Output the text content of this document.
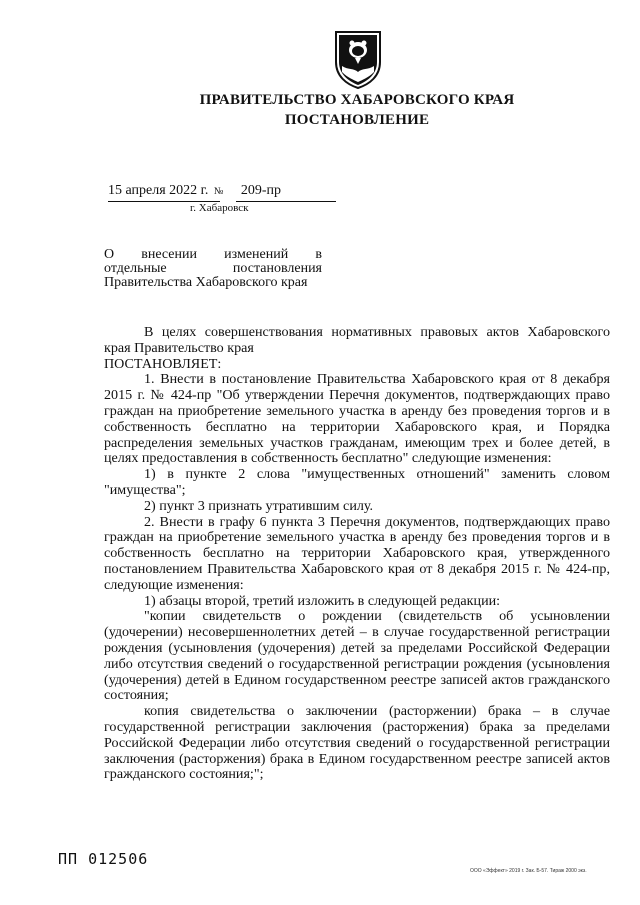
ПРАВИТЕЛЬСТВО ХАБАРОВСКОГО КРАЯ
ПОСТАНОВЛЕНИЕ
15 апреля 2022 г. № 209-пр
г. Хабаровск
О внесении изменений в
отдельные постановления
Правительства Хабаровского края

В целях совершенствования нормативных правовых актов Хабаровского края Правительство края

ПОСТАНОВЛЯЕТ:

1. Внести в постановление Правительства Хабаровского края от 8 декабря 2015 г. № 424-пр "Об утверждении Перечня документов, подтверждающих право граждан на приобретение земельного участка в аренду без проведения торгов и в собственность бесплатно на территории Хабаровского края, и Порядка распределения земельных участков гражданам, имеющим трех и более детей, в целях предоставления в собственность бесплатно" следующие изменения:

1) в пункте 2 слова "имущественных отношений" заменить словом "имущества";

2) пункт 3 признать утратившим силу.

2. Внести в графу 6 пункта 3 Перечня документов, подтверждающих право граждан на приобретение земельного участка в аренду без проведения торгов и в собственность бесплатно на территории Хабаровского края, утвержденного постановлением Правительства Хабаровского края от 8 декабря 2015 г. № 424-пр, следующие изменения:

1) абзацы второй, третий изложить в следующей редакции:

"копии свидетельств о рождении (свидетельств об усыновлении (удочерении) несовершеннолетних детей – в случае государственной регистрации рождения (усыновления (удочерения) детей за пределами Российской Федерации либо отсутствия сведений о государственной регистрации рождения (усыновления (удочерения) детей в Едином государственном реестре записей актов гражданского состояния;

копия свидетельства о заключении (расторжении) брака – в случае государственной регистрации заключения (расторжения) брака за пределами Российской Федерации либо отсутствия сведений о государственной регистрации заключения (расторжения) брака в Едином государственном реестре записей актов гражданского состояния;";

ПП 012506
ООО «Эффект» 2019 г. Зак. Б-57. Тираж 2000 экз.
